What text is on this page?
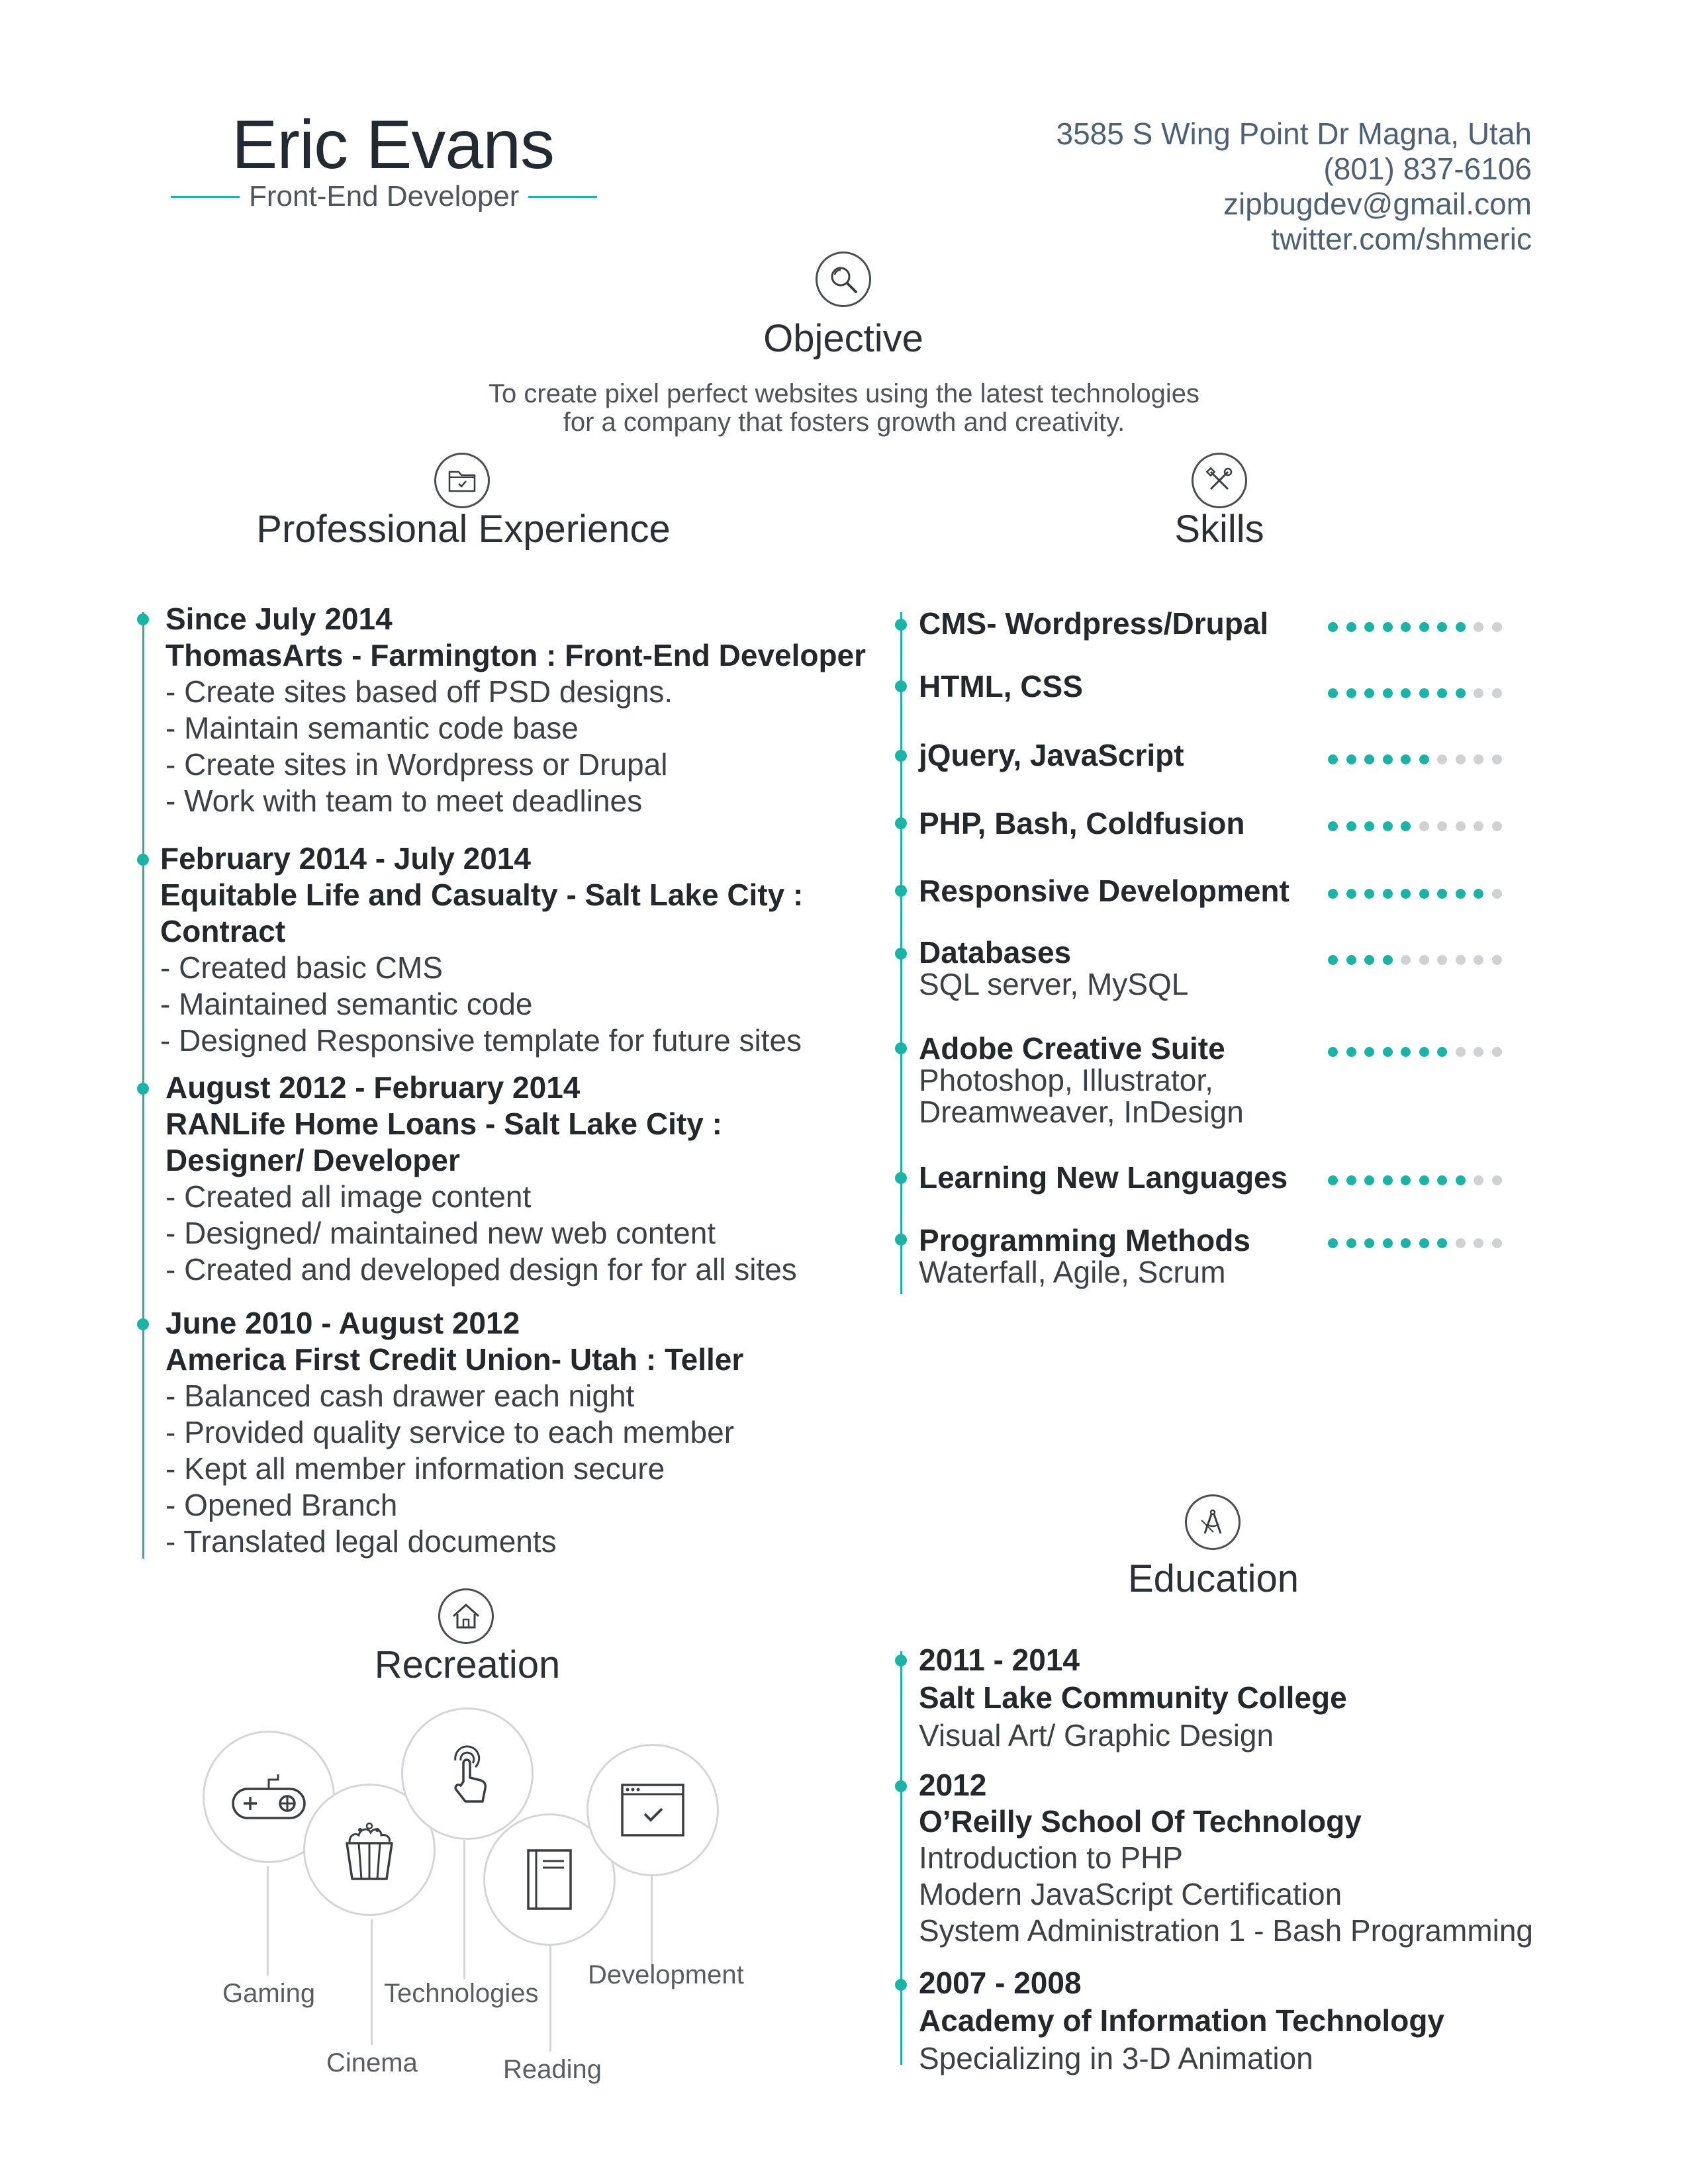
Eric Evans
Front-End Developer
3585 S Wing Point Dr Magna, Utah
(801) 837-6106
zipbugdev@gmail.com
twitter.com/shmeric
Objective
To create pixel perfect websites using the latest technologies
for a company that fosters growth and creativity.
Professional Experience
Since July 2014
ThomasArts - Farmington : Front-End Developer
- Create sites based off PSD designs.
- Maintain semantic code base
- Create sites in Wordpress or Drupal
- Work with team to meet deadlines
February 2014 - July 2014
Equitable Life and Casualty - Salt Lake City :
Contract
- Created basic CMS
- Maintained semantic code
- Designed Responsive template for future sites
August 2012 - February 2014
RANLife Home Loans - Salt Lake City :
Designer/ Developer
- Created all image content
- Designed/ maintained new web content
- Created and developed design for for all sites
June 2010 - August 2012
America First Credit Union- Utah : Teller
- Balanced cash drawer each night
- Provided quality service to each member
- Kept all member information secure
- Opened Branch
- Translated legal documents
Skills
CMS- Wordpress/Drupal
HTML, CSS
jQuery, JavaScript
PHP, Bash, Coldfusion
Responsive Development
Databases
SQL server, MySQL
Adobe Creative Suite
Photoshop, Illustrator,
Dreamweaver, InDesign
Learning New Languages
Programming Methods
Waterfall, Agile, Scrum
Education
2011 - 2014
Salt Lake Community College
Visual Art/ Graphic Design
2012
O’Reilly School Of Technology
Introduction to PHP
Modern JavaScript Certification
System Administration 1 - Bash Programming
2007 - 2008
Academy of Information Technology
Specializing in 3-D Animation
Recreation
Gaming
Cinema
Technologies
Reading
Development
